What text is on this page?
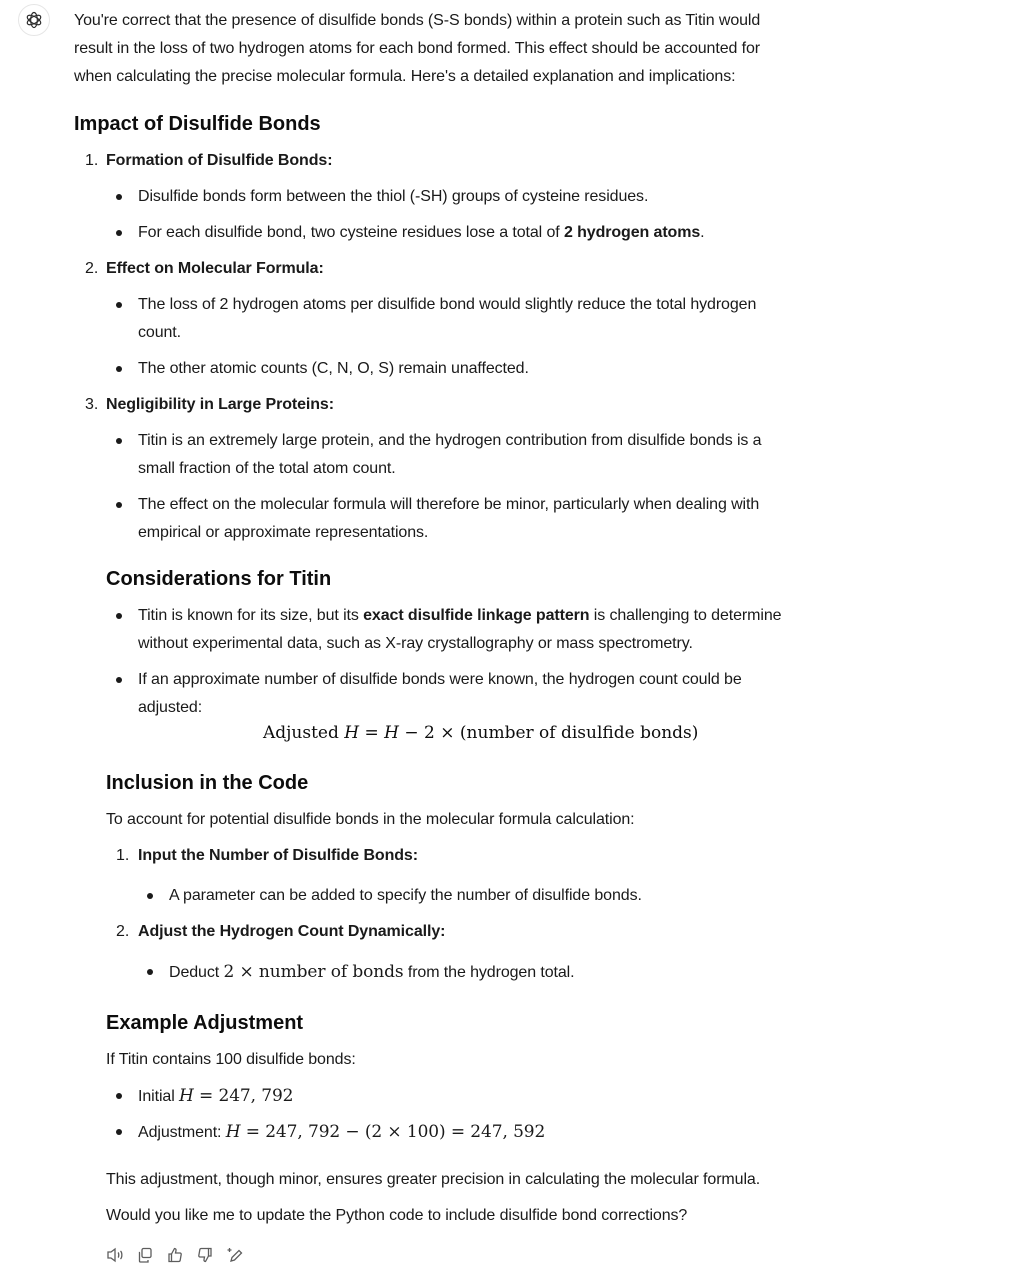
You're correct that the presence of disulfide bonds (S-S bonds) within a protein such as Titin would
result in the loss of two hydrogen atoms for each bond formed. This effect should be accounted for
when calculating the precise molecular formula. Here's a detailed explanation and implications:
Impact of Disulfide Bonds
1. Formation of Disulfide Bonds:
Disulfide bonds form between the thiol (-SH) groups of cysteine residues.
For each disulfide bond, two cysteine residues lose a total of 2 hydrogen atoms.
2. Effect on Molecular Formula:
The loss of 2 hydrogen atoms per disulfide bond would slightly reduce the total hydrogen
count.
The other atomic counts (C, N, O, S) remain unaffected.
3. Negligibility in Large Proteins:
Titin is an extremely large protein, and the hydrogen contribution from disulfide bonds is a
small fraction of the total atom count.
The effect on the molecular formula will therefore be minor, particularly when dealing with
empirical or approximate representations.
Considerations for Titin
Titin is known for its size, but its exact disulfide linkage pattern is challenging to determine
without experimental data, such as X-ray crystallography or mass spectrometry.
If an approximate number of disulfide bonds were known, the hydrogen count could be
adjusted:
Adjusted H = H − 2 × (number of disulfide bonds)
Inclusion in the Code
To account for potential disulfide bonds in the molecular formula calculation:
1. Input the Number of Disulfide Bonds:
A parameter can be added to specify the number of disulfide bonds.
2. Adjust the Hydrogen Count Dynamically:
Deduct 2 × number of bonds from the hydrogen total.
Example Adjustment
If Titin contains 100 disulfide bonds:
Initial H = 247, 792
Adjustment: H = 247, 792 − (2 × 100) = 247, 592
This adjustment, though minor, ensures greater precision in calculating the molecular formula.
Would you like me to update the Python code to include disulfide bond corrections?
